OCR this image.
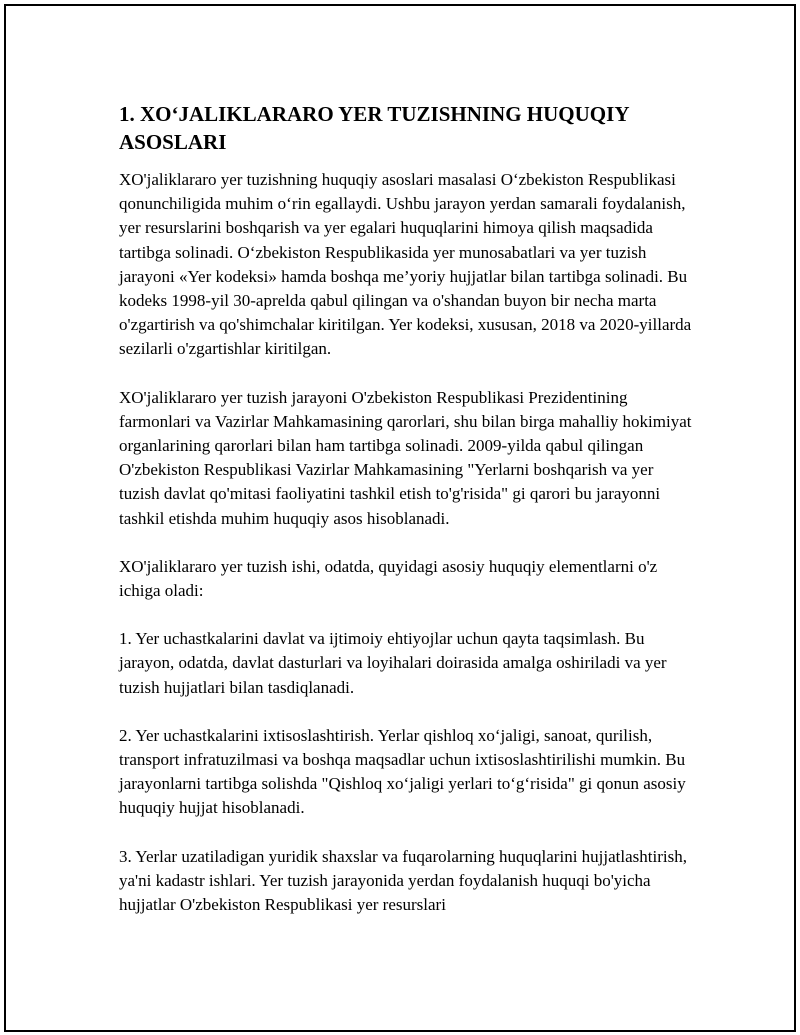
1. XO‘JALIKLARARO YER TUZISHNING HUQUQIY ASOSLARI

XO'jaliklararo yer tuzishning huquqiy asoslari masalasi O‘zbekiston Respublikasi qonunchiligida muhim o‘rin egallaydi. Ushbu jarayon yerdan samarali foydalanish, yer resurslarini boshqarish va yer egalari huquqlarini himoya qilish maqsadida tartibga solinadi. O‘zbekiston Respublikasida yer munosabatlari va yer tuzish jarayoni «Yer kodeksi» hamda boshqa me’yoriy hujjatlar bilan tartibga solinadi. Bu kodeks 1998-yil 30-aprelda qabul qilingan va o'shandan buyon bir necha marta o'zgartirish va qo'shimchalar kiritilgan. Yer kodeksi, xususan, 2018 va 2020-yillarda sezilarli o'zgartishlar kiritilgan.

XO'jaliklararo yer tuzish jarayoni O'zbekiston Respublikasi Prezidentining farmonlari va Vazirlar Mahkamasining qarorlari, shu bilan birga mahalliy hokimiyat organlarining qarorlari bilan ham tartibga solinadi. 2009-yilda qabul qilingan O'zbekiston Respublikasi Vazirlar Mahkamasining "Yerlarni boshqarish va yer tuzish davlat qo'mitasi faoliyatini tashkil etish to'g'risida" gi qarori bu jarayonni tashkil etishda muhim huquqiy asos hisoblanadi.

XO'jaliklararo yer tuzish ishi, odatda, quyidagi asosiy huquqiy elementlarni o'z ichiga oladi:

1. Yer uchastkalarini davlat va ijtimoiy ehtiyojlar uchun qayta taqsimlash. Bu jarayon, odatda, davlat dasturlari va loyihalari doirasida amalga oshiriladi va yer tuzish hujjatlari bilan tasdiqlanadi.

2. Yer uchastkalarini ixtisoslashtirish. Yerlar qishloq xo‘jaligi, sanoat, qurilish, transport infratuzilmasi va boshqa maqsadlar uchun ixtisoslashtirilishi mumkin. Bu jarayonlarni tartibga solishda "Qishloq xo‘jaligi yerlari to‘g‘risida" gi qonun asosiy huquqiy hujjat hisoblanadi.

3. Yerlar uzatiladigan yuridik shaxslar va fuqarolarning huquqlarini hujjatlashtirish, ya'ni kadastr ishlari. Yer tuzish jarayonida yerdan foydalanish huquqi bo'yicha hujjatlar O'zbekiston Respublikasi yer resurslari
